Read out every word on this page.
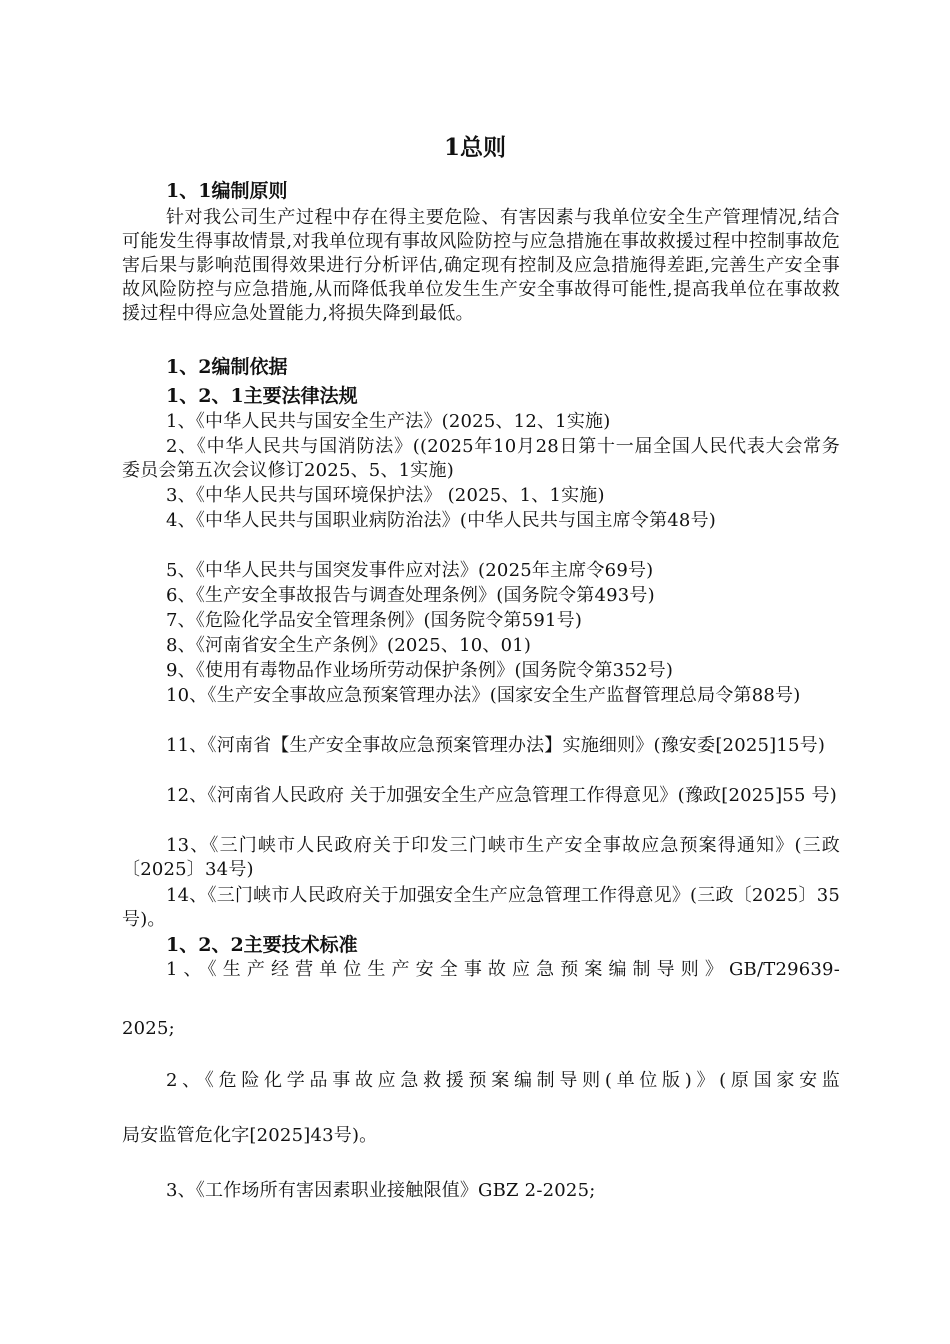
1总则
1、1编制原则
针对我公司生产过程中存在得主要危险、有害因素与我单位安全生产管理情况,结合可能发生得事故情景,对我单位现有事故风险防控与应急措施在事故救援过程中控制事故危害后果与影响范围得效果进行分析评估,确定现有控制及应急措施得差距,完善生产安全事故风险防控与应急措施,从而降低我单位发生生产安全事故得可能性,提高我单位在事故救援过程中得应急处置能力,将损失降到最低。
1、2编制依据
1、2、1主要法律法规
1、《中华人民共与国安全生产法》(2025、12、1实施)
2、《中华人民共与国消防法》((2025年10月28日第十一届全国人民代表大会常务委员会第五次会议修订2025、5、1实施)
3、《中华人民共与国环境保护法》 (2025、1、1实施)
4、《中华人民共与国职业病防治法》(中华人民共与国主席令第48号)
5、《中华人民共与国突发事件应对法》(2025年主席令69号)
6、《生产安全事故报告与调查处理条例》(国务院令第493号)
7、《危险化学品安全管理条例》(国务院令第591号)
8、《河南省安全生产条例》(2025、10、01)
9、《使用有毒物品作业场所劳动保护条例》(国务院令第352号)
10、《生产安全事故应急预案管理办法》(国家安全生产监督管理总局令第88号)
11、《河南省【生产安全事故应急预案管理办法】实施细则》(豫安委[2025]15号)
12、《河南省人民政府 关于加强安全生产应急管理工作得意见》(豫政[2025]55 号)
13、《三门峡市人民政府关于印发三门峡市生产安全事故应急预案得通知》(三政〔2025〕34号)
14、《三门峡市人民政府关于加强安全生产应急管理工作得意见》(三政〔2025〕35号)。
1、2、2主要技术标准
1、《生产经营单位生产安全事故应急预案编制导则》GB/T29639-
2025;
2、《危险化学品事故应急救援预案编制导则(单位版)》(原国家安监
局安监管危化字[2025]43号)。
3、《工作场所有害因素职业接触限值》GBZ 2-2025;
